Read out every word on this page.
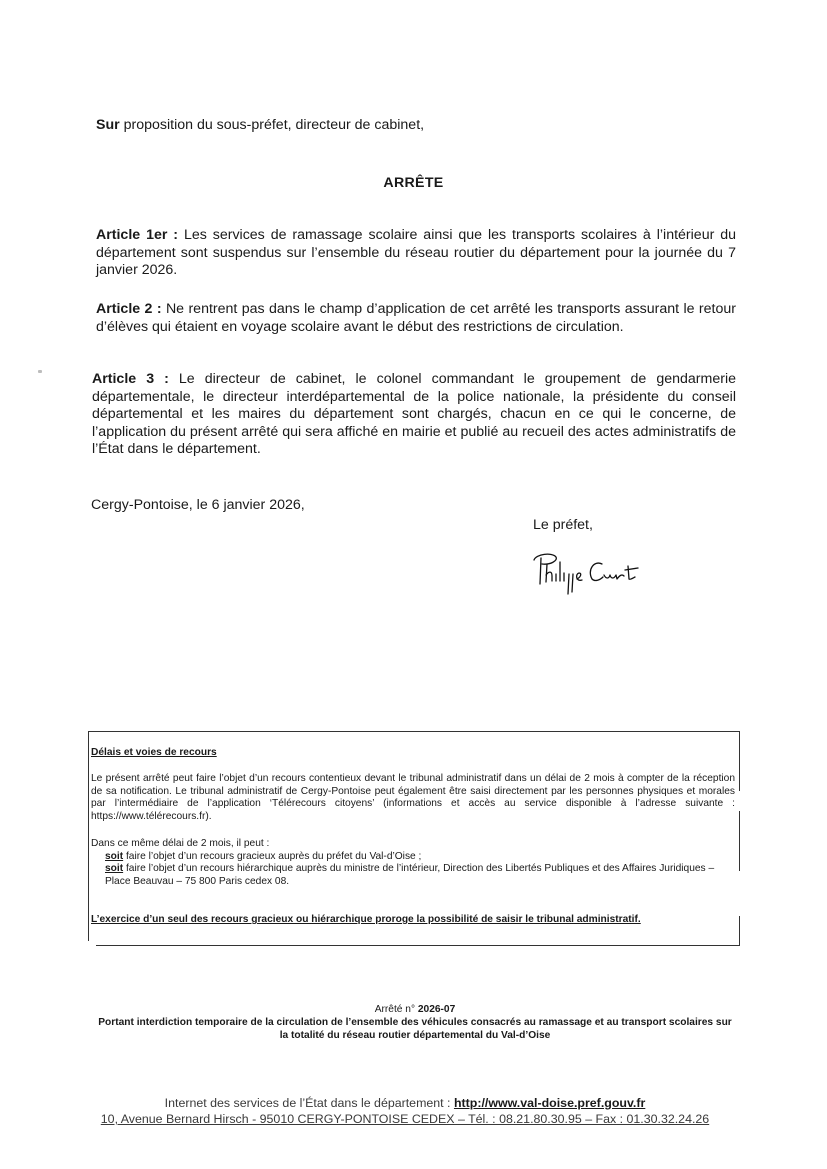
Sur proposition du sous-préfet, directeur de cabinet,

ARRÊTE

Article 1er : Les services de ramassage scolaire ainsi que les transports scolaires à l’intérieur du département sont suspendus sur l’ensemble du réseau routier du département pour la journée du 7 janvier 2026.

Article 2 : Ne rentrent pas dans le champ d’application de cet arrêté les transports assurant le retour d’élèves qui étaient en voyage scolaire avant le début des restrictions de circulation.

Article 3 : Le directeur de cabinet, le colonel commandant le groupement de gendarmerie départementale, le directeur interdépartemental de la police nationale, la présidente du conseil départemental et les maires du département sont chargés, chacun en ce qui le concerne, de l’application du présent arrêté qui sera affiché en mairie et publié au recueil des actes administratifs de l’État dans le département.

Cergy-Pontoise, le 6 janvier 2026,
Le préfet,
Délais et voies de recours

Le présent arrêté peut faire l’objet d’un recours contentieux devant le tribunal administratif dans un délai de 2 mois à compter de la réception de sa notification. Le tribunal administratif de Cergy-Pontoise peut également être saisi directement par les personnes physiques et morales par l’intermédiaire de l’application ‘Télérecours citoyens’ (informations et accès au service disponible à l’adresse suivante : https://www.télérecours.fr).

Dans ce même délai de 2 mois, il peut :
soit faire l’objet d’un recours gracieux auprès du préfet du Val-d’Oise ;
soit faire l’objet d’un recours hiérarchique auprès du ministre de l’intérieur, Direction des Libertés Publiques et des Affaires Juridiques –
Place Beauvau – 75 800 Paris cedex 08.
L’exercice d’un seul des recours gracieux ou hiérarchique proroge la possibilité de saisir le tribunal administratif.
Arrêté n° 2026-07
Portant interdiction temporaire de la circulation de l’ensemble des véhicules consacrés au ramassage et au transport scolaires sur la totalité du réseau routier départemental du Val-d’Oise
Internet des services de l’État dans le département : http://www.val-doise.pref.gouv.fr
10, Avenue Bernard Hirsch - 95010 CERGY-PONTOISE CEDEX – Tél. : 08.21.80.30.95 – Fax : 01.30.32.24.26
